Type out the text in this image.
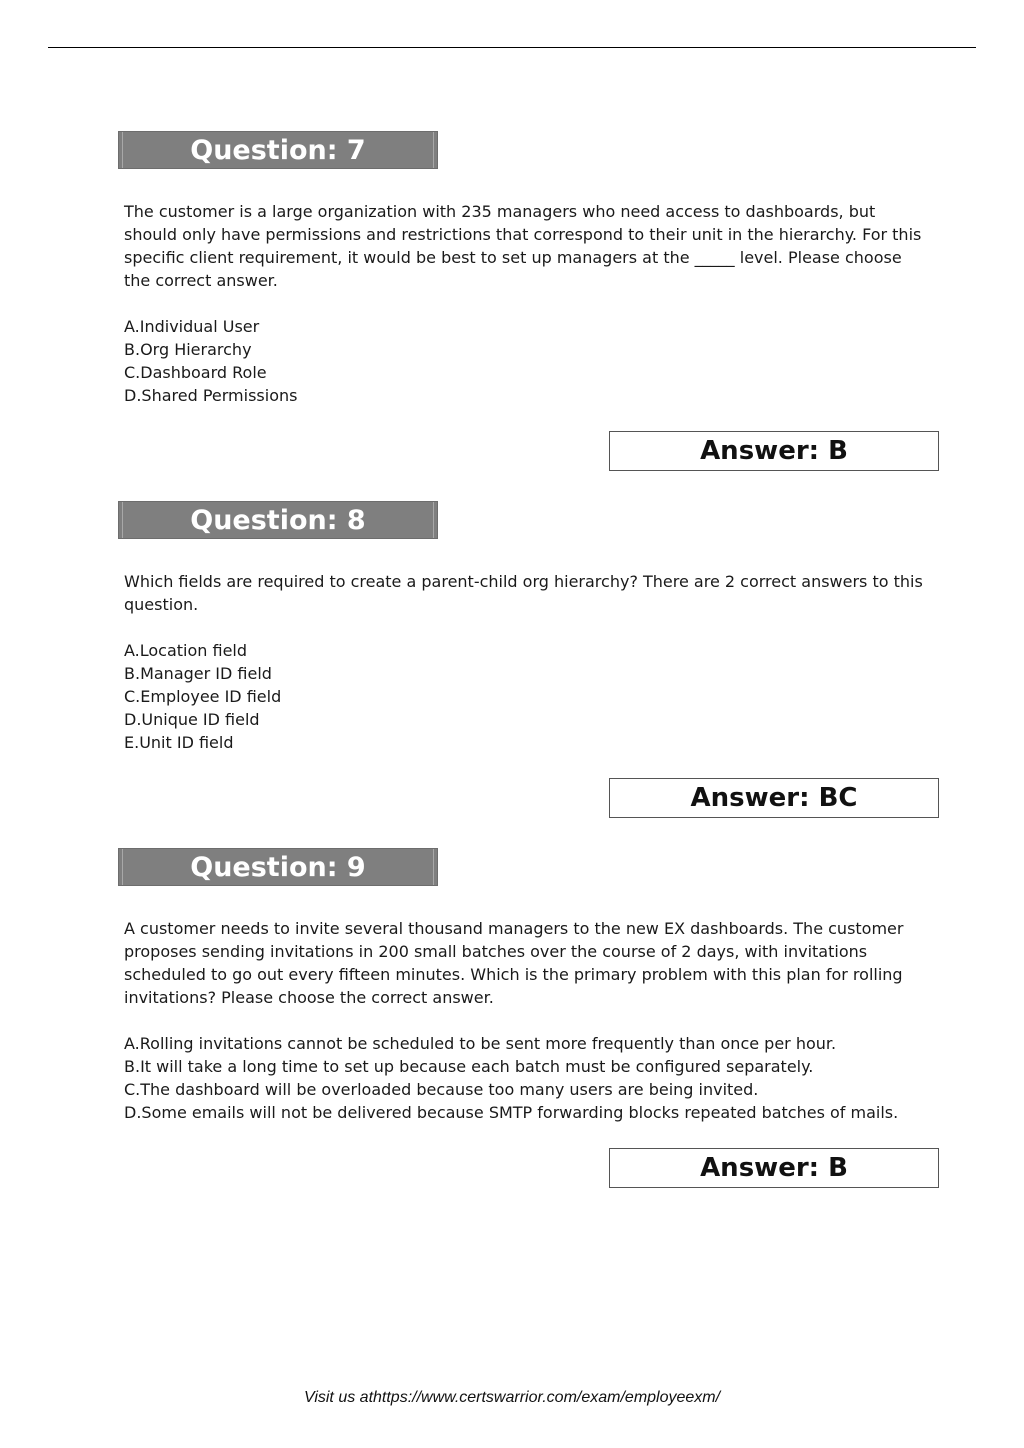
Question: 7

The customer is a large organization with 235 managers who need access to dashboards, but should only have permissions and restrictions that correspond to their unit in the hierarchy. For this specific client requirement, it would be best to set up managers at the _____ level. Please choose the correct answer.

A.Individual User
B.Org Hierarchy
C.Dashboard Role
D.Shared Permissions
Answer: B
Question: 8

Which fields are required to create a parent-child org hierarchy? There are 2 correct answers to this question.

A.Location field
B.Manager ID field
C.Employee ID field
D.Unique ID field
E.Unit ID field
Answer: BC
Question: 9

A customer needs to invite several thousand managers to the new EX dashboards. The customer proposes sending invitations in 200 small batches over the course of 2 days, with invitations scheduled to go out every fifteen minutes. Which is the primary problem with this plan for rolling invitations? Please choose the correct answer.

A.Rolling invitations cannot be scheduled to be sent more frequently than once per hour.
B.It will take a long time to set up because each batch must be configured separately.
C.The dashboard will be overloaded because too many users are being invited.
D.Some emails will not be delivered because SMTP forwarding blocks repeated batches of mails.
Answer: B
Visit us athttps://www.certswarrior.com/exam/employeexm/
